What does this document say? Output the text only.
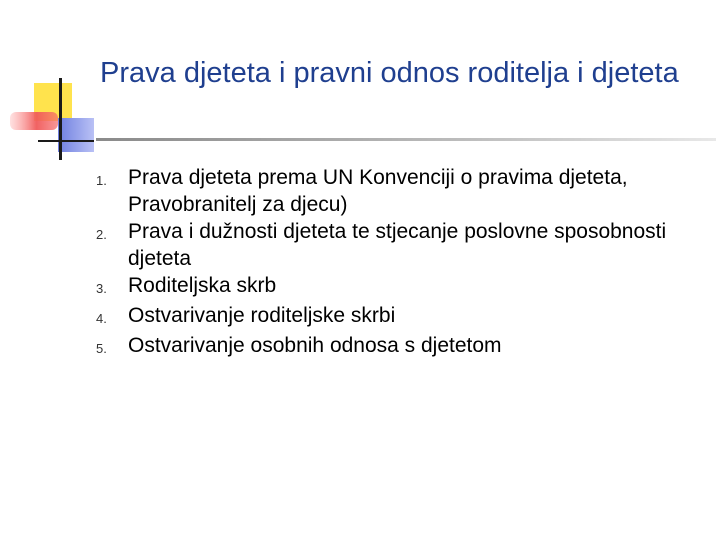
Prava djeteta i pravni odnos roditelja i djeteta
1.	Prava djeteta prema UN Konvenciji o pravima djeteta, Pravobranitelj za djecu)
2.	Prava i dužnosti djeteta te stjecanje poslovne sposobnosti djeteta
3.	Roditeljska skrb
4.	Ostvarivanje roditeljske skrbi
5.	Ostvarivanje osobnih odnosa s djetetom
